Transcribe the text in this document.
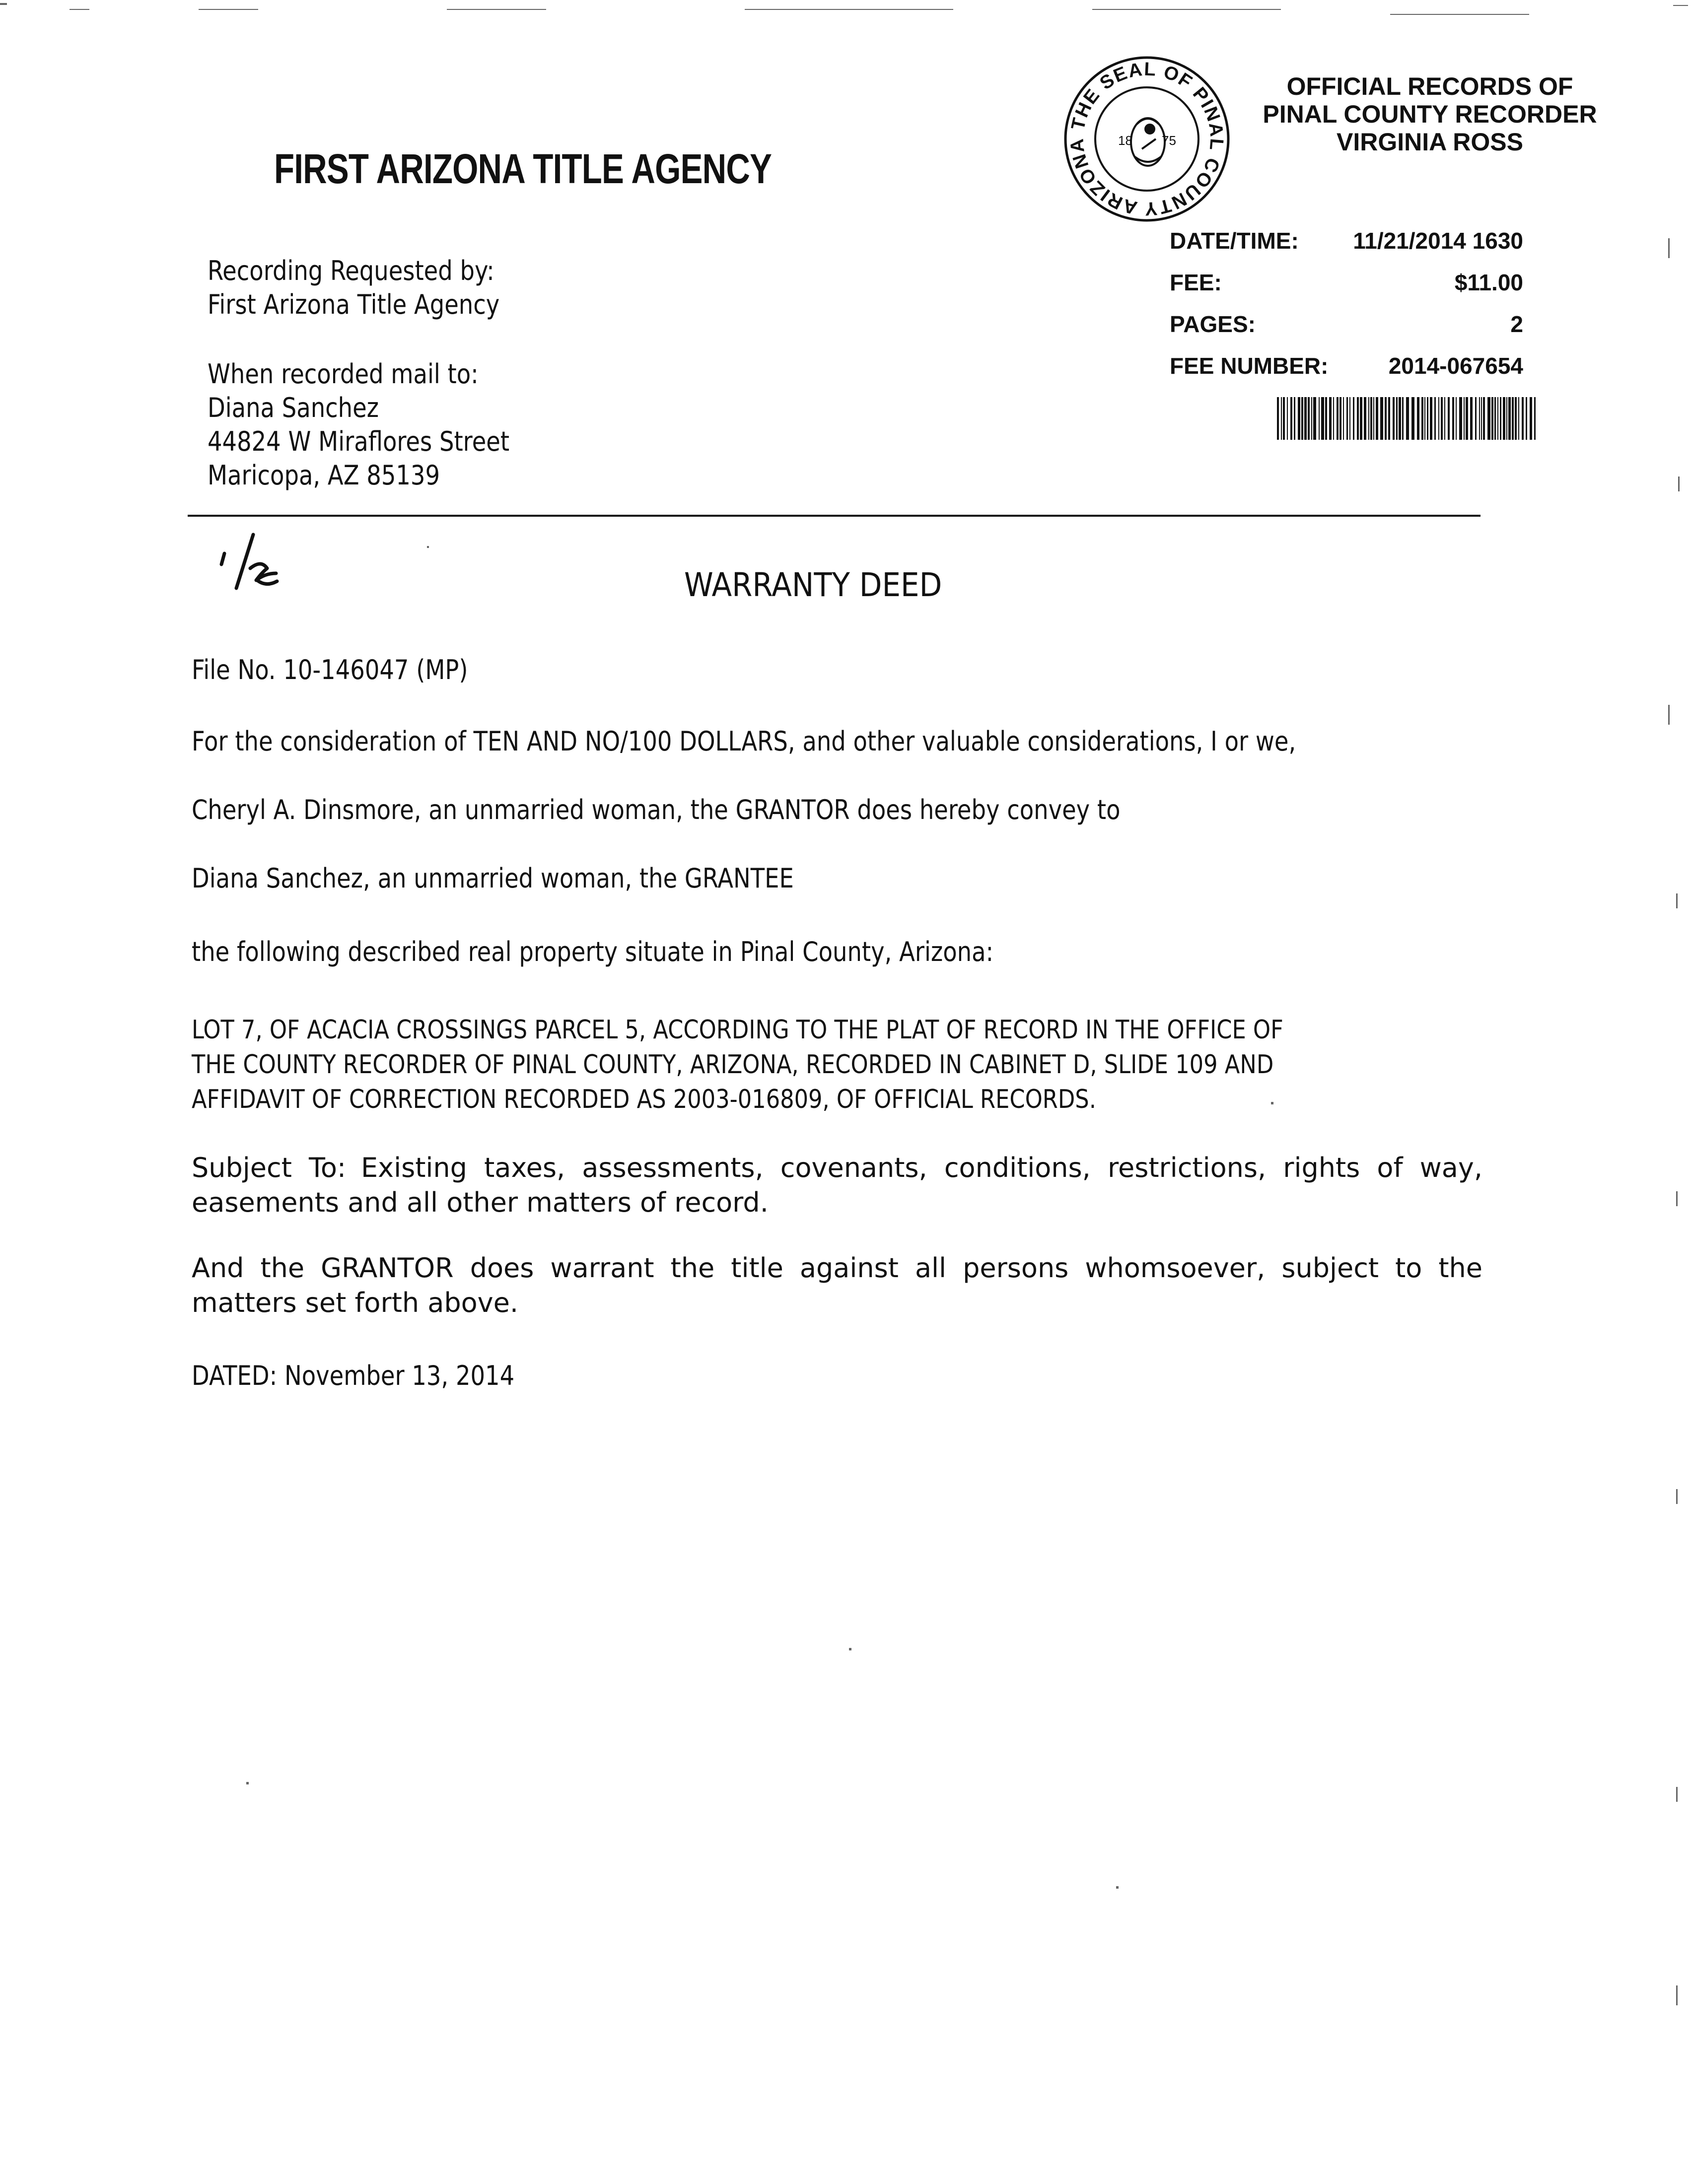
FIRST ARIZONA TITLE AGENCY
Recording Requested by:
First Arizona Title Agency
When recorded mail to:
Diana Sanchez
44824 W Miraflores Street
Maricopa, AZ 85139
THE SEAL OF PINAL COUNTY ARIZONA	18 75
OFFICIAL RECORDS OF
PINAL COUNTY RECORDER
VIRGINIA ROSS
DATE/TIME: 11/21/2014 1630
FEE:	$11.00
PAGES:	2
FEE NUMBER:	2014-067654
WARRANTY DEED
File No. 10-146047 (MP)
For the consideration of TEN AND NO/100 DOLLARS, and other valuable considerations, I or we,
Cheryl A. Dinsmore, an unmarried woman, the GRANTOR does hereby convey to
Diana Sanchez, an unmarried woman, the GRANTEE
the following described real property situate in Pinal County, Arizona:
LOT 7, OF ACACIA CROSSINGS PARCEL 5, ACCORDING TO THE PLAT OF RECORD IN THE OFFICE OF
THE COUNTY RECORDER OF PINAL COUNTY, ARIZONA, RECORDED IN CABINET D, SLIDE 109 AND
AFFIDAVIT OF CORRECTION RECORDED AS 2003-016809, OF OFFICIAL RECORDS.
Subject To: Existing taxes, assessments, covenants, conditions, restrictions, rights of way, easements and all other matters of record.
And the GRANTOR does warrant the title against all persons whomsoever, subject to the matters set forth above.
DATED: November 13, 2014
